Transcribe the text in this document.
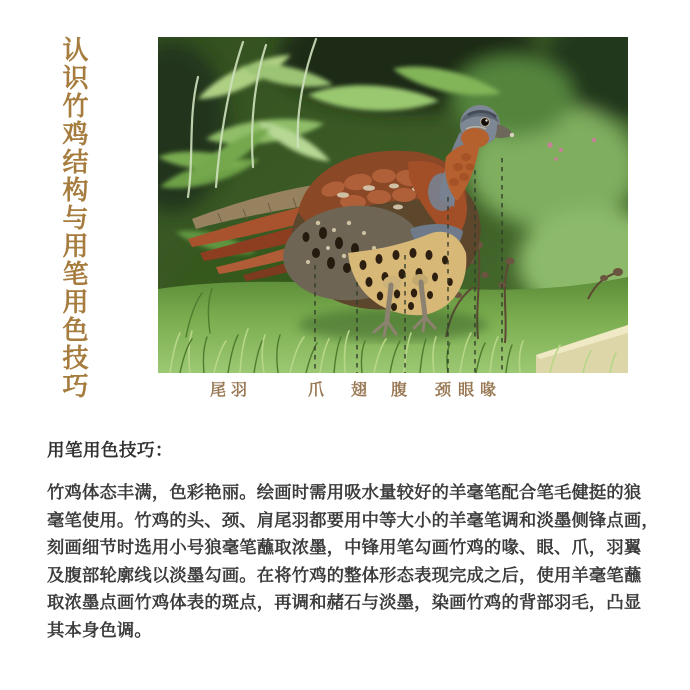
认识竹鸡结构与用笔用色技巧	尾羽	爪 翅 腹 颈 眼 喙
用笔用色技巧：
竹鸡体态丰满，色彩艳丽。绘画时需用吸水量较好的羊毫笔配合笔毛健挺的狼
毫笔使用。竹鸡的头、颈、肩尾羽都要用中等大小的羊毫笔调和淡墨侧锋点画，
刻画细节时选用小号狼毫笔蘸取浓墨，中锋用笔勾画竹鸡的喙、眼、爪，羽翼
及腹部轮廓线以淡墨勾画。在将竹鸡的整体形态表现完成之后，使用羊毫笔蘸
取浓墨点画竹鸡体表的斑点，再调和赭石与淡墨，染画竹鸡的背部羽毛，凸显
其本身色调。
